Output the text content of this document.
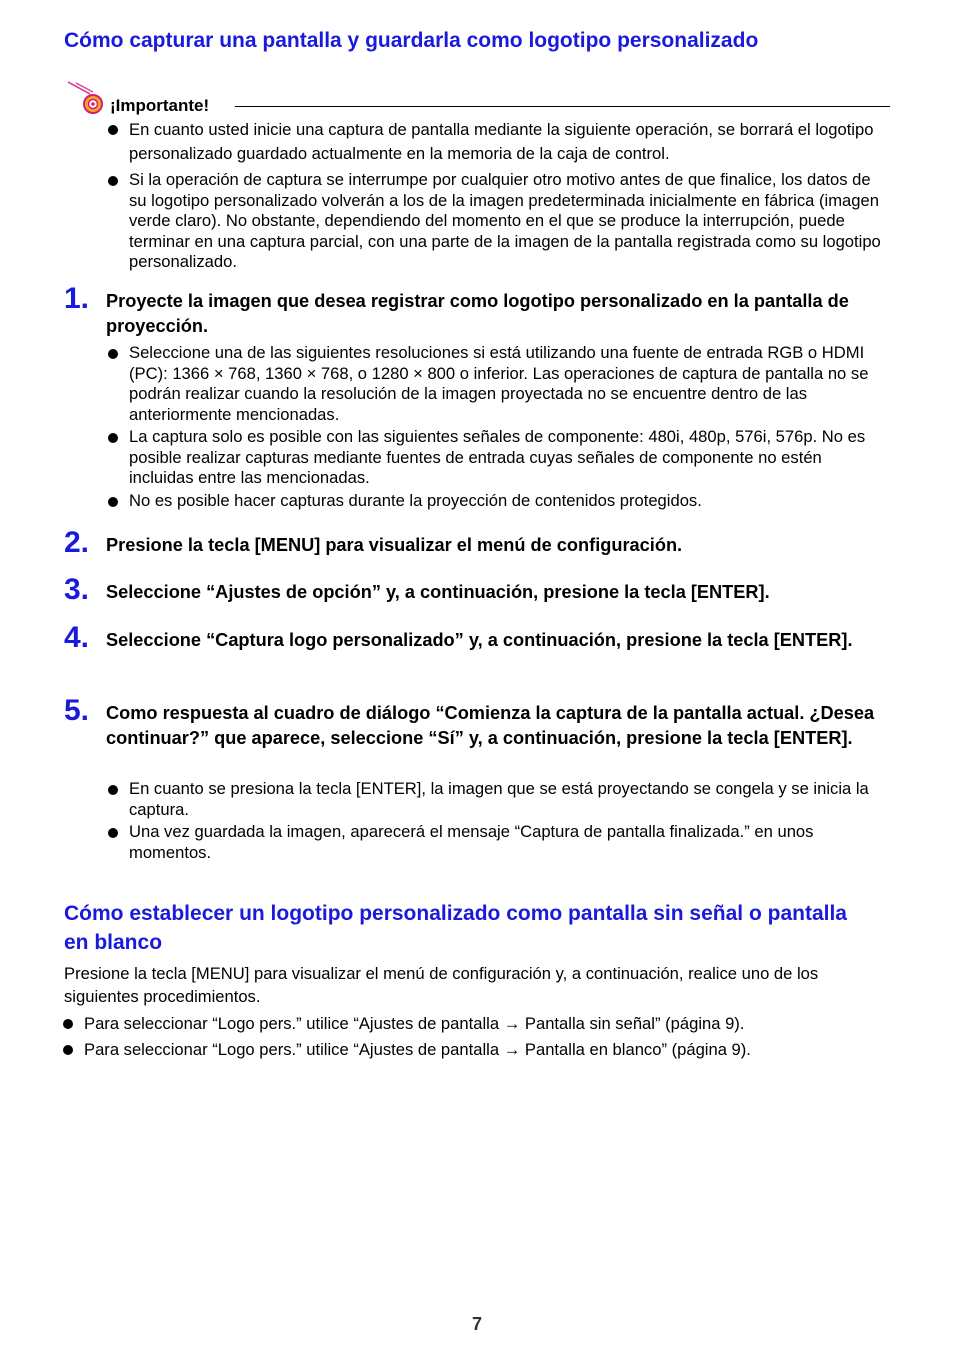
Cómo capturar una pantalla y guardarla como logotipo personalizado
¡Importante!
En cuanto usted inicie una captura de pantalla mediante la siguiente operación, se borrará el logotipo personalizado guardado actualmente en la memoria de la caja de control.
Si la operación de captura se interrumpe por cualquier otro motivo antes de que finalice, los datos de su logotipo personalizado volverán a los de la imagen predeterminada inicialmente en fábrica (imagen verde claro). No obstante, dependiendo del momento en el que se produce la interrupción, puede terminar en una captura parcial, con una parte de la imagen de la pantalla registrada como su logotipo personalizado.
1. Proyecte la imagen que desea registrar como logotipo personalizado en la pantalla de proyección.

Seleccione una de las siguientes resoluciones si está utilizando una fuente de entrada RGB o HDMI (PC): 1366 × 768, 1360 × 768, o 1280 × 800 o inferior. Las operaciones de captura de pantalla no se podrán realizar cuando la resolución de la imagen proyectada no se encuentre dentro de las anteriormente mencionadas.
La captura solo es posible con las siguientes señales de componente: 480i, 480p, 576i, 576p. No es posible realizar capturas mediante fuentes de entrada cuyas señales de componente no estén incluidas entre las mencionadas.
No es posible hacer capturas durante la proyección de contenidos protegidos.
2. Presione la tecla [MENU] para visualizar el menú de configuración.

3. Seleccione “Ajustes de opción” y, a continuación, presione la tecla [ENTER].

4. Seleccione “Captura logo personalizado” y, a continuación, presione la tecla [ENTER].

5. Como respuesta al cuadro de diálogo “Comienza la captura de la pantalla actual. ¿Desea continuar?” que aparece, seleccione “Sí” y, a continuación, presione la tecla [ENTER].

En cuanto se presiona la tecla [ENTER], la imagen que se está proyectando se congela y se inicia la captura.
Una vez guardada la imagen, aparecerá el mensaje “Captura de pantalla finalizada.” en unos momentos.
Cómo establecer un logotipo personalizado como pantalla sin señal o pantalla en blanco

Presione la tecla [MENU] para visualizar el menú de configuración y, a continuación, realice uno de los siguientes procedimientos.

Para seleccionar “Logo pers.” utilice “Ajustes de pantalla → Pantalla sin señal” (página 9).
Para seleccionar “Logo pers.” utilice “Ajustes de pantalla → Pantalla en blanco” (página 9).
7
